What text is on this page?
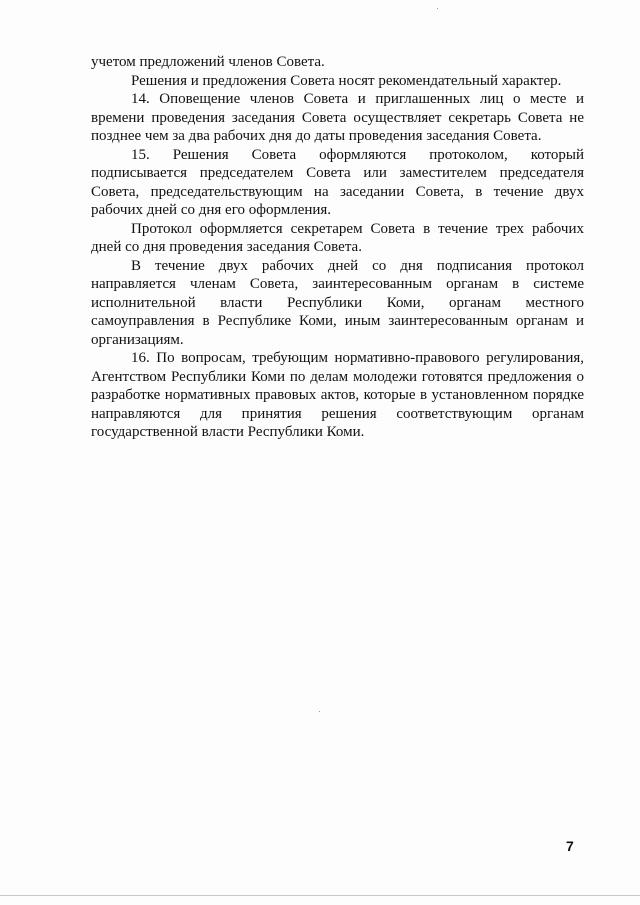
учетом предложений членов Совета.

Решения и предложения Совета носят рекомендательный характер.

14. Оповещение членов Совета и приглашенных лиц о месте и времени проведения заседания Совета осуществляет секретарь Совета не позднее чем за два рабочих дня до даты проведения заседания Совета.

15. Решения Совета оформляются протоколом, который подписывается председателем Совета или заместителем председателя Совета, председательствующим на заседании Совета, в течение двух рабочих дней со дня его оформления.

Протокол оформляется секретарем Совета в течение трех рабочих дней со дня проведения заседания Совета.

В течение двух рабочих дней со дня подписания протокол направляется членам Совета, заинтересованным органам в системе исполнительной власти Республики Коми, органам местного самоуправления в Республике Коми, иным заинтересованным органам и организациям.

16. По вопросам, требующим нормативно-правового регулирования, Агентством Республики Коми по делам молодежи готовятся предложения о разработке нормативных правовых актов, которые в установленном порядке направляются для принятия решения соответствующим органам государственной власти Республики Коми.

7
